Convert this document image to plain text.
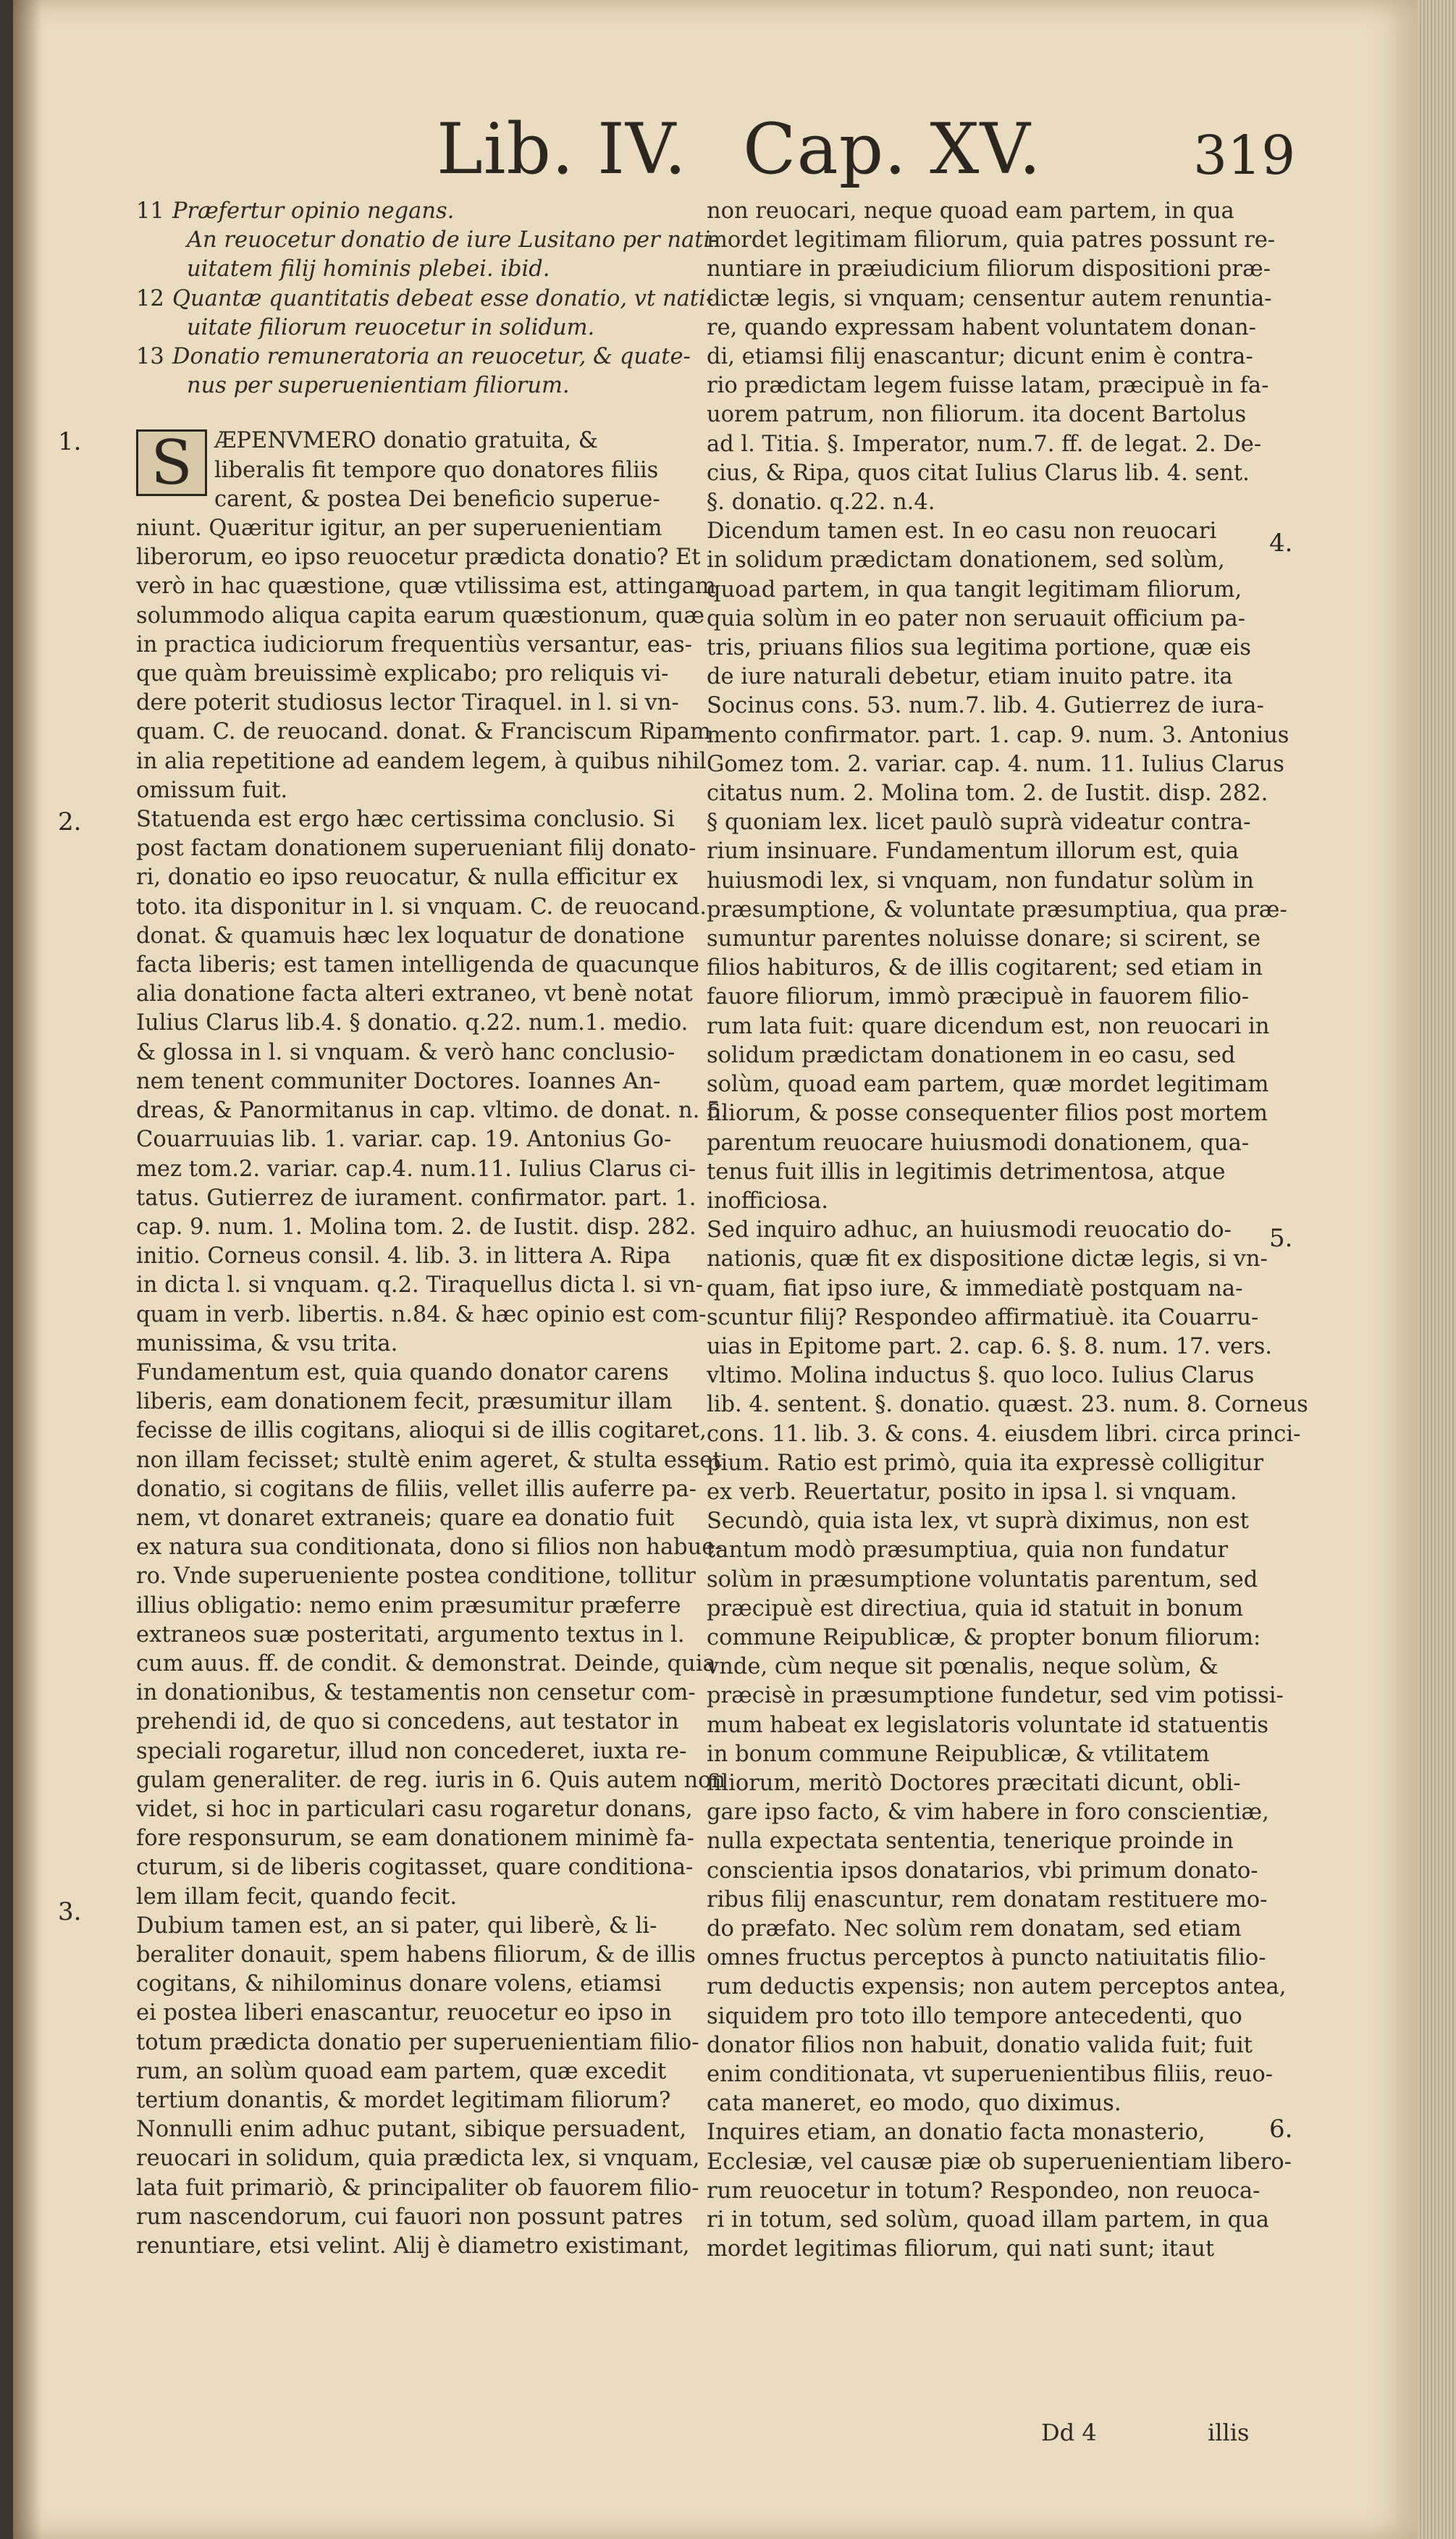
Lib. IV. Cap. XV.	319
11 Præfertur opinio negans.
An reuocetur donatio de iure Lusitano per nati-
uitatem filij hominis plebei. ibid.
12 Quantæ quantitatis debeat esse donatio, vt nati-
uitate filiorum reuocetur in solidum.
13 Donatio remuneratoria an reuocetur, & quate-
nus per superuenientiam filiorum.
S ÆPENVMERO donatio gratuita, &
liberalis fit tempore quo donatores filiis
carent, & postea Dei beneficio superue-
niunt. Quæritur igitur, an per superuenientiam
liberorum, eo ipso reuocetur prædicta donatio? Et
verò in hac quæstione, quæ vtilissima est, attingam
solummodo aliqua capita earum quæstionum, quæ
in practica iudiciorum frequentiùs versantur, eas-
que quàm breuissimè explicabo; pro reliquis vi-
dere poterit studiosus lector Tiraquel. in l. si vn-
quam. C. de reuocand. donat. & Franciscum Ripam
in alia repetitione ad eandem legem, à quibus nihil
omissum fuit.
Statuenda est ergo hæc certissima conclusio. Si
post factam donationem superueniant filij donato-
ri, donatio eo ipso reuocatur, & nulla efficitur ex
toto. ita disponitur in l. si vnquam. C. de reuocand.
donat. & quamuis hæc lex loquatur de donatione
facta liberis; est tamen intelligenda de quacunque
alia donatione facta alteri extraneo, vt benè notat
Iulius Clarus lib.4. § donatio. q.22. num.1. medio.
& glossa in l. si vnquam. & verò hanc conclusio-
nem tenent communiter Doctores. Ioannes An-
dreas, & Panormitanus in cap. vltimo. de donat. n. 5.
Couarruuias lib. 1. variar. cap. 19. Antonius Go-
mez tom.2. variar. cap.4. num.11. Iulius Clarus ci-
tatus. Gutierrez de iurament. confirmator. part. 1.
cap. 9. num. 1. Molina tom. 2. de Iustit. disp. 282.
initio. Corneus consil. 4. lib. 3. in littera A. Ripa
in dicta l. si vnquam. q.2. Tiraquellus dicta l. si vn-
quam in verb. libertis. n.84. & hæc opinio est com-
munissima, & vsu trita.
Fundamentum est, quia quando donator carens
liberis, eam donationem fecit, præsumitur illam
fecisse de illis cogitans, alioqui si de illis cogitaret,
non illam fecisset; stultè enim ageret, & stulta esset
donatio, si cogitans de filiis, vellet illis auferre pa-
nem, vt donaret extraneis; quare ea donatio fuit
ex natura sua conditionata, dono si filios non habue-
ro. Vnde superueniente postea conditione, tollitur
illius obligatio: nemo enim præsumitur præferre
extraneos suæ posteritati, argumento textus in l.
cum auus. ff. de condit. & demonstrat. Deinde, quia
in donationibus, & testamentis non censetur com-
prehendi id, de quo si concedens, aut testator in
speciali rogaretur, illud non concederet, iuxta re-
gulam generaliter. de reg. iuris in 6. Quis autem non
videt, si hoc in particulari casu rogaretur donans,
fore responsurum, se eam donationem minimè fa-
cturum, si de liberis cogitasset, quare conditiona-
lem illam fecit, quando fecit.
Dubium tamen est, an si pater, qui liberè, & li-
beraliter donauit, spem habens filiorum, & de illis
cogitans, & nihilominus donare volens, etiamsi
ei postea liberi enascantur, reuocetur eo ipso in
totum prædicta donatio per superuenientiam filio-
rum, an solùm quoad eam partem, quæ excedit
tertium donantis, & mordet legitimam filiorum?
Nonnulli enim adhuc putant, sibique persuadent,
reuocari in solidum, quia prædicta lex, si vnquam,
lata fuit primariò, & principaliter ob fauorem filio-
rum nascendorum, cui fauori non possunt patres
renuntiare, etsi velint. Alij è diametro existimant,
non reuocari, neque quoad eam partem, in qua
mordet legitimam filiorum, quia patres possunt re-
nuntiare in præiudicium filiorum dispositioni præ-
dictæ legis, si vnquam; censentur autem renuntia-
re, quando expressam habent voluntatem donan-
di, etiamsi filij enascantur; dicunt enim è contra-
rio prædictam legem fuisse latam, præcipuè in fa-
uorem patrum, non filiorum. ita docent Bartolus
ad l. Titia. §. Imperator, num.7. ff. de legat. 2. De-
cius, & Ripa, quos citat Iulius Clarus lib. 4. sent.
§. donatio. q.22. n.4.
Dicendum tamen est. In eo casu non reuocari
in solidum prædictam donationem, sed solùm,
quoad partem, in qua tangit legitimam filiorum,
quia solùm in eo pater non seruauit officium pa-
tris, priuans filios sua legitima portione, quæ eis
de iure naturali debetur, etiam inuito patre. ita
Socinus cons. 53. num.7. lib. 4. Gutierrez de iura-
mento confirmator. part. 1. cap. 9. num. 3. Antonius
Gomez tom. 2. variar. cap. 4. num. 11. Iulius Clarus
citatus num. 2. Molina tom. 2. de Iustit. disp. 282.
§ quoniam lex. licet paulò suprà videatur contra-
rium insinuare. Fundamentum illorum est, quia
huiusmodi lex, si vnquam, non fundatur solùm in
præsumptione, & voluntate præsumptiua, qua præ-
sumuntur parentes noluisse donare; si scirent, se
filios habituros, & de illis cogitarent; sed etiam in
fauore filiorum, immò præcipuè in fauorem filio-
rum lata fuit: quare dicendum est, non reuocari in
solidum prædictam donationem in eo casu, sed
solùm, quoad eam partem, quæ mordet legitimam
filiorum, & posse consequenter filios post mortem
parentum reuocare huiusmodi donationem, qua-
tenus fuit illis in legitimis detrimentosa, atque
inofficiosa.
Sed inquiro adhuc, an huiusmodi reuocatio do-
nationis, quæ fit ex dispositione dictæ legis, si vn-
quam, fiat ipso iure, & immediatè postquam na-
scuntur filij? Respondeo affirmatiuè. ita Couarru-
uias in Epitome part. 2. cap. 6. §. 8. num. 17. vers.
vltimo. Molina inductus §. quo loco. Iulius Clarus
lib. 4. sentent. §. donatio. quæst. 23. num. 8. Corneus
cons. 11. lib. 3. & cons. 4. eiusdem libri. circa princi-
pium. Ratio est primò, quia ita expressè colligitur
ex verb. Reuertatur, posito in ipsa l. si vnquam.
Secundò, quia ista lex, vt suprà diximus, non est
tantum modò præsumptiua, quia non fundatur
solùm in præsumptione voluntatis parentum, sed
præcipuè est directiua, quia id statuit in bonum
commune Reipublicæ, & propter bonum filiorum:
vnde, cùm neque sit pœnalis, neque solùm, &
præcisè in præsumptione fundetur, sed vim potissi-
mum habeat ex legislatoris voluntate id statuentis
in bonum commune Reipublicæ, & vtilitatem
filiorum, meritò Doctores præcitati dicunt, obli-
gare ipso facto, & vim habere in foro conscientiæ,
nulla expectata sententia, tenerique proinde in
conscientia ipsos donatarios, vbi primum donato-
ribus filij enascuntur, rem donatam restituere mo-
do præfato. Nec solùm rem donatam, sed etiam
omnes fructus perceptos à puncto natiuitatis filio-
rum deductis expensis; non autem perceptos antea,
siquidem pro toto illo tempore antecedenti, quo
donator filios non habuit, donatio valida fuit; fuit
enim conditionata, vt superuenientibus filiis, reuo-
cata maneret, eo modo, quo diximus.
Inquires etiam, an donatio facta monasterio,
Ecclesiæ, vel causæ piæ ob superuenientiam libero-
rum reuocetur in totum? Respondeo, non reuoca-
ri in totum, sed solùm, quoad illam partem, in qua
mordet legitimas filiorum, qui nati sunt; itaut
1.
2.
3.
4.
5.
6.
Dd 4	illis
